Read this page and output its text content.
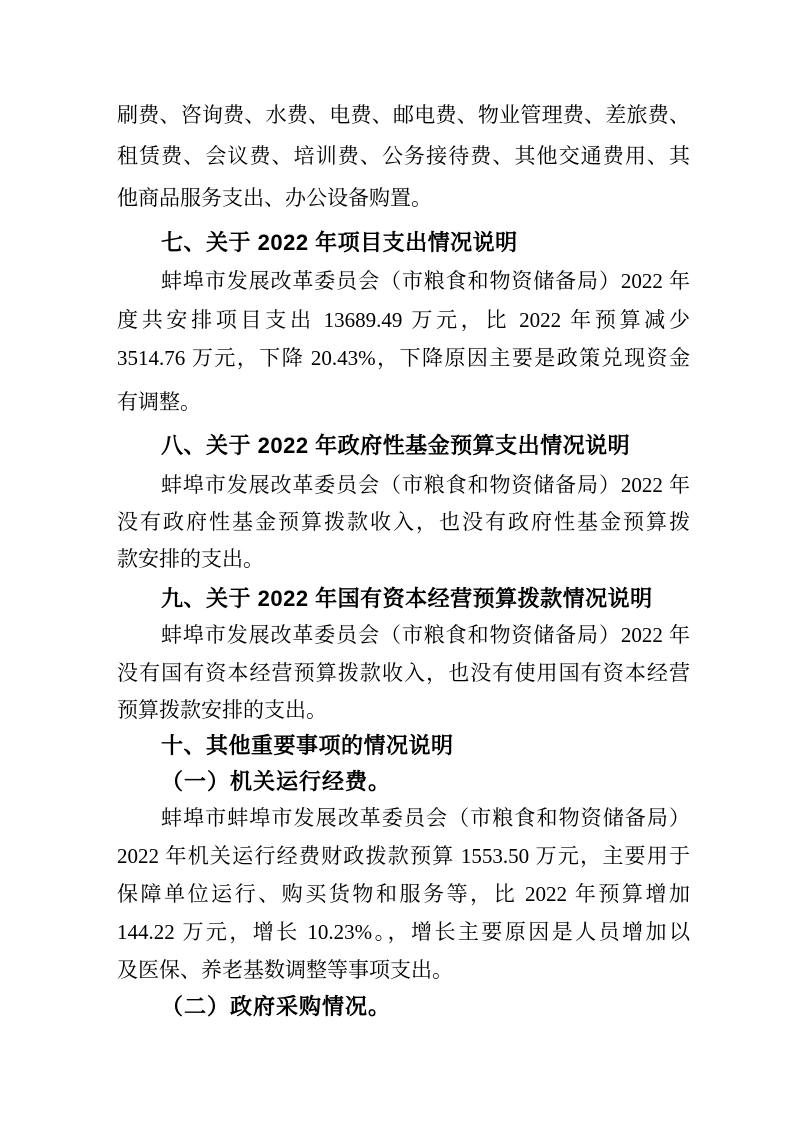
刷费、咨询费、水费、电费、邮电费、物业管理费、差旅费、
租赁费、会议费、培训费、公务接待费、其他交通费用、其
他商品服务支出、办公设备购置。
七、关于 2022 年项目支出情况说明
蚌埠市发展改革委员会（市粮食和物资储备局）2022 年
度共安排项目支出 13689.49 万元，比 2022 年预算减少
3514.76 万元，下降 20.43%，下降原因主要是政策兑现资金
有调整。
八、关于 2022 年政府性基金预算支出情况说明
蚌埠市发展改革委员会（市粮食和物资储备局）2022 年
没有政府性基金预算拨款收入，也没有政府性基金预算拨
款安排的支出。
九、关于 2022 年国有资本经营预算拨款情况说明
蚌埠市发展改革委员会（市粮食和物资储备局）2022 年
没有国有资本经营预算拨款收入，也没有使用国有资本经营
预算拨款安排的支出。
十、其他重要事项的情况说明
（一）机关运行经费。
蚌埠市蚌埠市发展改革委员会（市粮食和物资储备局）
2022 年机关运行经费财政拨款预算 1553.50 万元，主要用于
保障单位运行、购买货物和服务等，比 2022 年预算增加
144.22 万元，增长 10.23%。，增长主要原因是人员增加以
及医保、养老基数调整等事项支出。
（二）政府采购情况。
